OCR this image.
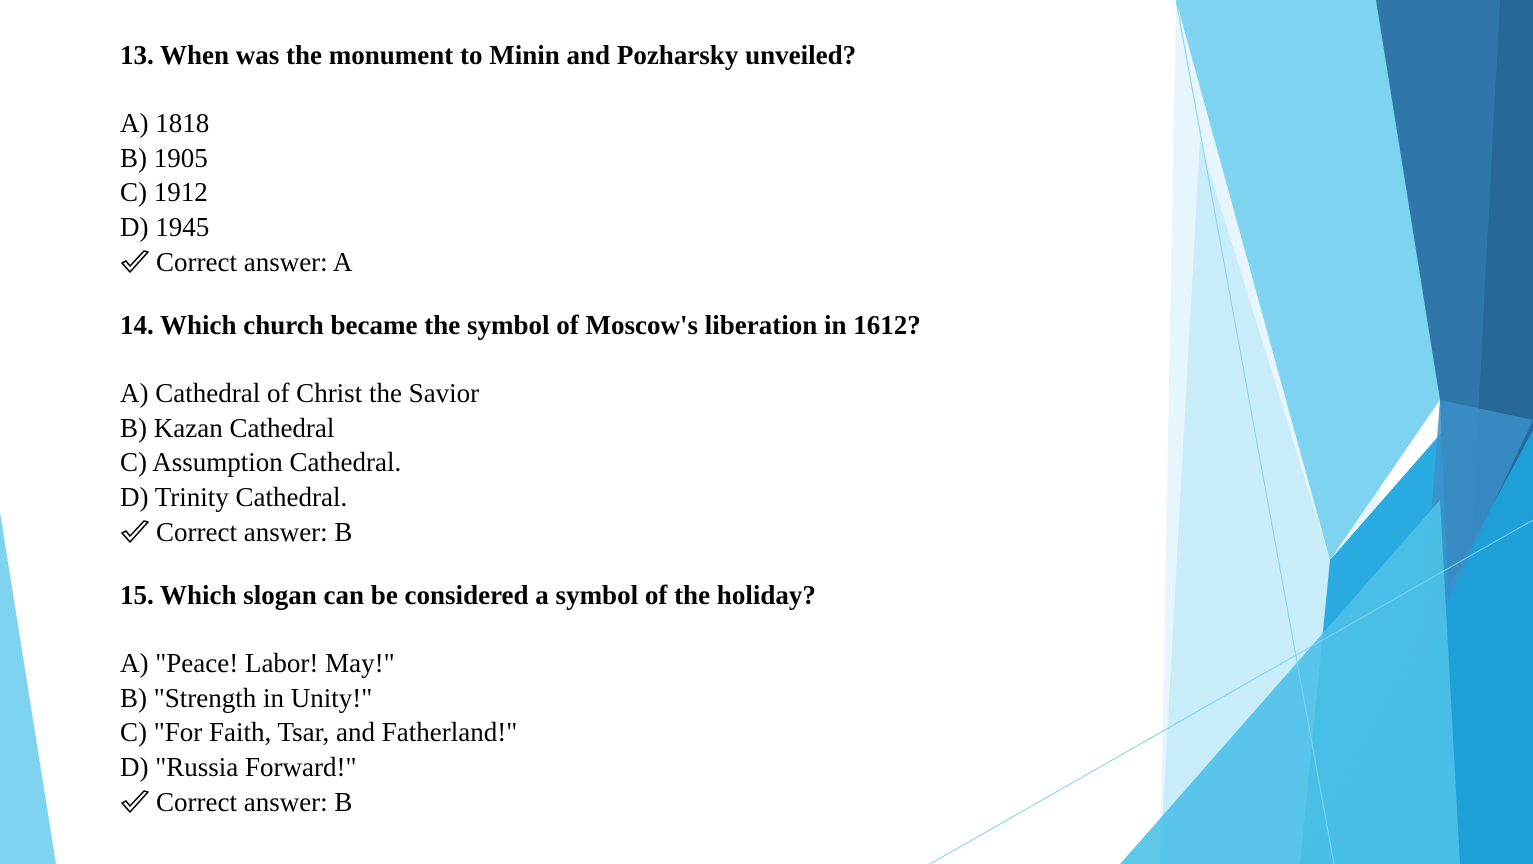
13. When was the monument to Minin and Pozharsky unveiled?
A) 1818
B) 1905
C) 1912
D) 1945
Correct answer: A
14. Which church became the symbol of Moscow's liberation in 1612?
A) Cathedral of Christ the Savior
B) Kazan Cathedral
C) Assumption Cathedral.
D) Trinity Cathedral.
Correct answer: B
15. Which slogan can be considered a symbol of the holiday?
A) "Peace! Labor! May!"
B) "Strength in Unity!"
C) "For Faith, Tsar, and Fatherland!"
D) "Russia Forward!"
Correct answer: B
